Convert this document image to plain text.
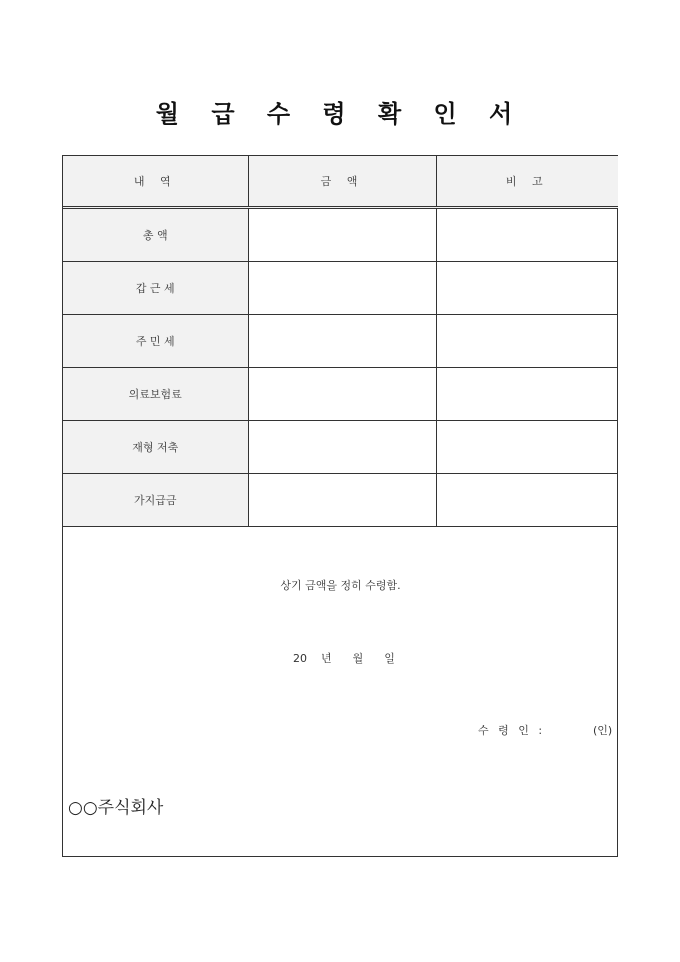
월 급 수 령 확 인 서
내 역	금 액	비 고
총 액		
갑 근 세		
주 민 세		
의료보험료		
재형 저축		
가지급금		
상기 금액을 정히 수령함.
20    년      월      일
수 령 인 :	(인)
○○주식회사
